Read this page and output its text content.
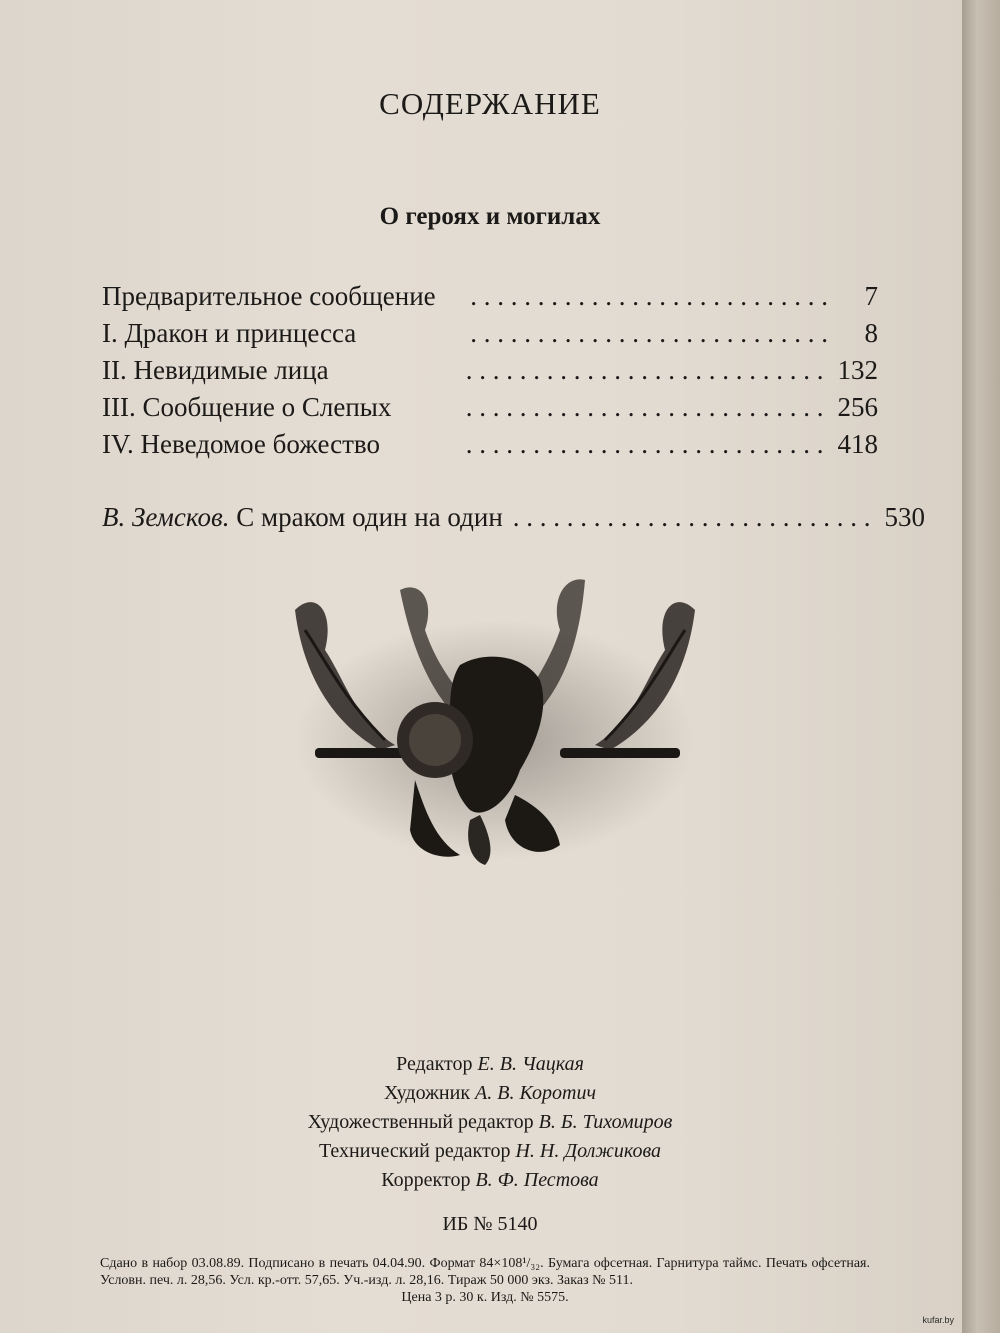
СОДЕРЖАНИЕ
О героях и могилах
Предварительное сообщение	. . . . . . . . . . . . . . . . . . . . . . . . . . .	7
I. Дракон и принцесса	. . . . . . . . . . . . . . . . . . . . . . . . . . .	8
II. Невидимые лица	. . . . . . . . . . . . . . . . . . . . . . . . . . . 132
III. Сообщение о Слепых	. . . . . . . . . . . . . . . . . . . . . . . . . . . 256
IV. Неведомое божество	. . . . . . . . . . . . . . . . . . . . . . . . . . . 418
В. Земсков. С мраком один на один . . . . . . . . . . . . . . . . . . . . . . . . . . . 530
Редактор Е. В. Чацкая
Художник А. В. Коротич
Художественный редактор В. Б. Тихомиров
Технический редактор Н. Н. Должикова
Корректор В. Ф. Пестова
ИБ № 5140
Сдано в набор 03.08.89. Подписано в печать 04.04.90. Формат 84×108¹/₃₂. Бумага офсетная. Гарнитура таймс. Печать офсетная. Условн. печ. л. 28,56. Усл. кр.-отт. 57,65. Уч.-изд. л. 28,16. Тираж 50 000 экз. Заказ № 511.
Цена 3 р. 30 к. Изд. № 5575.
kufar.by
